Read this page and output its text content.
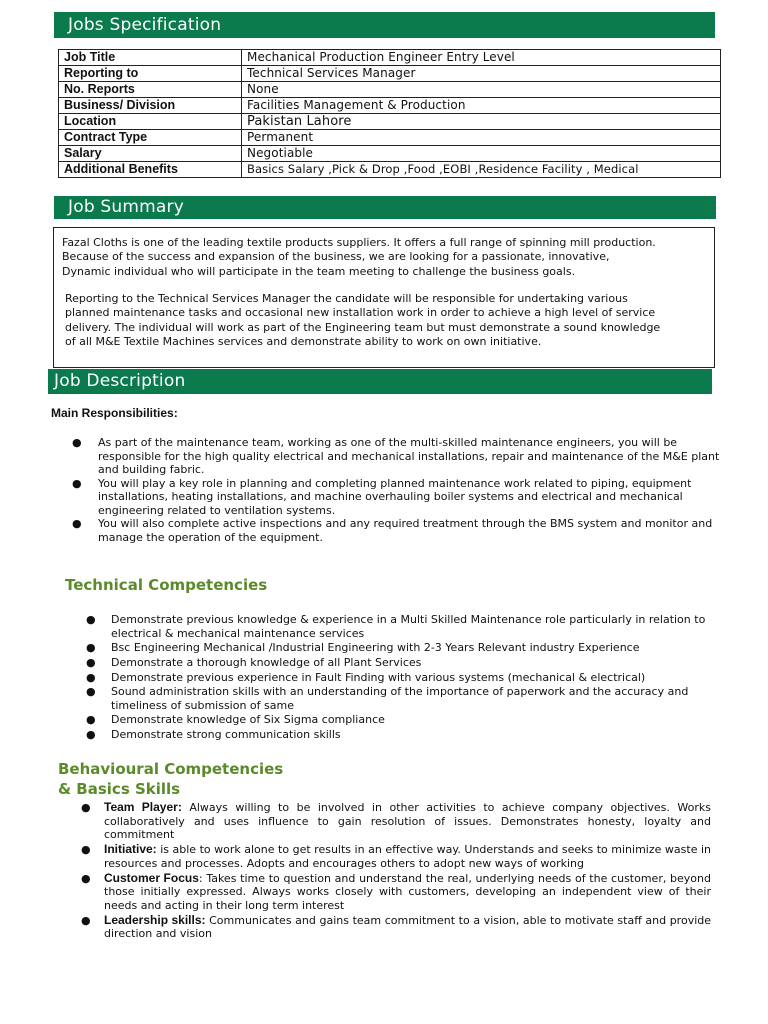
Jobs Specification
Job Title	Mechanical Production Engineer Entry Level
Reporting to	Technical Services Manager
No. Reports	None
Business/ Division	Facilities Management & Production
Location	Pakistan Lahore
Contract Type	Permanent
Salary	Negotiable
Additional Benefits	Basics Salary ,Pick & Drop ,Food ,EOBI ,Residence Facility , Medical
Job Summary

Fazal Cloths is one of the leading textile products suppliers. It offers a full range of spinning mill production.
Because of the success and expansion of the business, we are looking for a passionate, innovative,
Dynamic individual who will participate in the team meeting to challenge the business goals.

Reporting to the Technical Services Manager the candidate will be responsible for undertaking various
planned maintenance tasks and occasional new installation work in order to achieve a high level of service
delivery. The individual will work as part of the Engineering team but must demonstrate a sound knowledge
of all M&E Textile Machines services and demonstrate ability to work on own initiative.

Job Description
Main Responsibilities:
● As part of the maintenance team, working as one of the multi-skilled maintenance engineers, you will be responsible for the high quality electrical and mechanical installations, repair and maintenance of the M&E plant and building fabric.
● You will play a key role in planning and completing planned maintenance work related to piping, equipment installations, heating installations, and machine overhauling boiler systems and electrical and mechanical engineering related to ventilation systems.
● You will also complete active inspections and any required treatment through the BMS system and monitor and manage the operation of the equipment.
Technical Competencies
● Demonstrate previous knowledge & experience in a Multi Skilled Maintenance role particularly in relation to electrical & mechanical maintenance services
● Bsc Engineering Mechanical /Industrial Engineering with 2-3 Years Relevant industry Experience
● Demonstrate a thorough knowledge of all Plant Services
● Demonstrate previous experience in Fault Finding with various systems (mechanical & electrical)
● Sound administration skills with an understanding of the importance of paperwork and the accuracy and timeliness of submission of same
● Demonstrate knowledge of Six Sigma compliance
● Demonstrate strong communication skills
Behavioural Competencies
& Basics Skills
● Team Player: Always willing to be involved in other activities to achieve company objectives. Works collaboratively and uses influence to gain resolution of issues. Demonstrates honesty, loyalty and commitment
● Initiative: is able to work alone to get results in an effective way. Understands and seeks to minimize waste in resources and processes. Adopts and encourages others to adopt new ways of working
● Customer Focus: Takes time to question and understand the real, underlying needs of the customer, beyond those initially expressed. Always works closely with customers, developing an independent view of their needs and acting in their long term interest
● Leadership skills: Communicates and gains team commitment to a vision, able to motivate staff and provide direction and vision
